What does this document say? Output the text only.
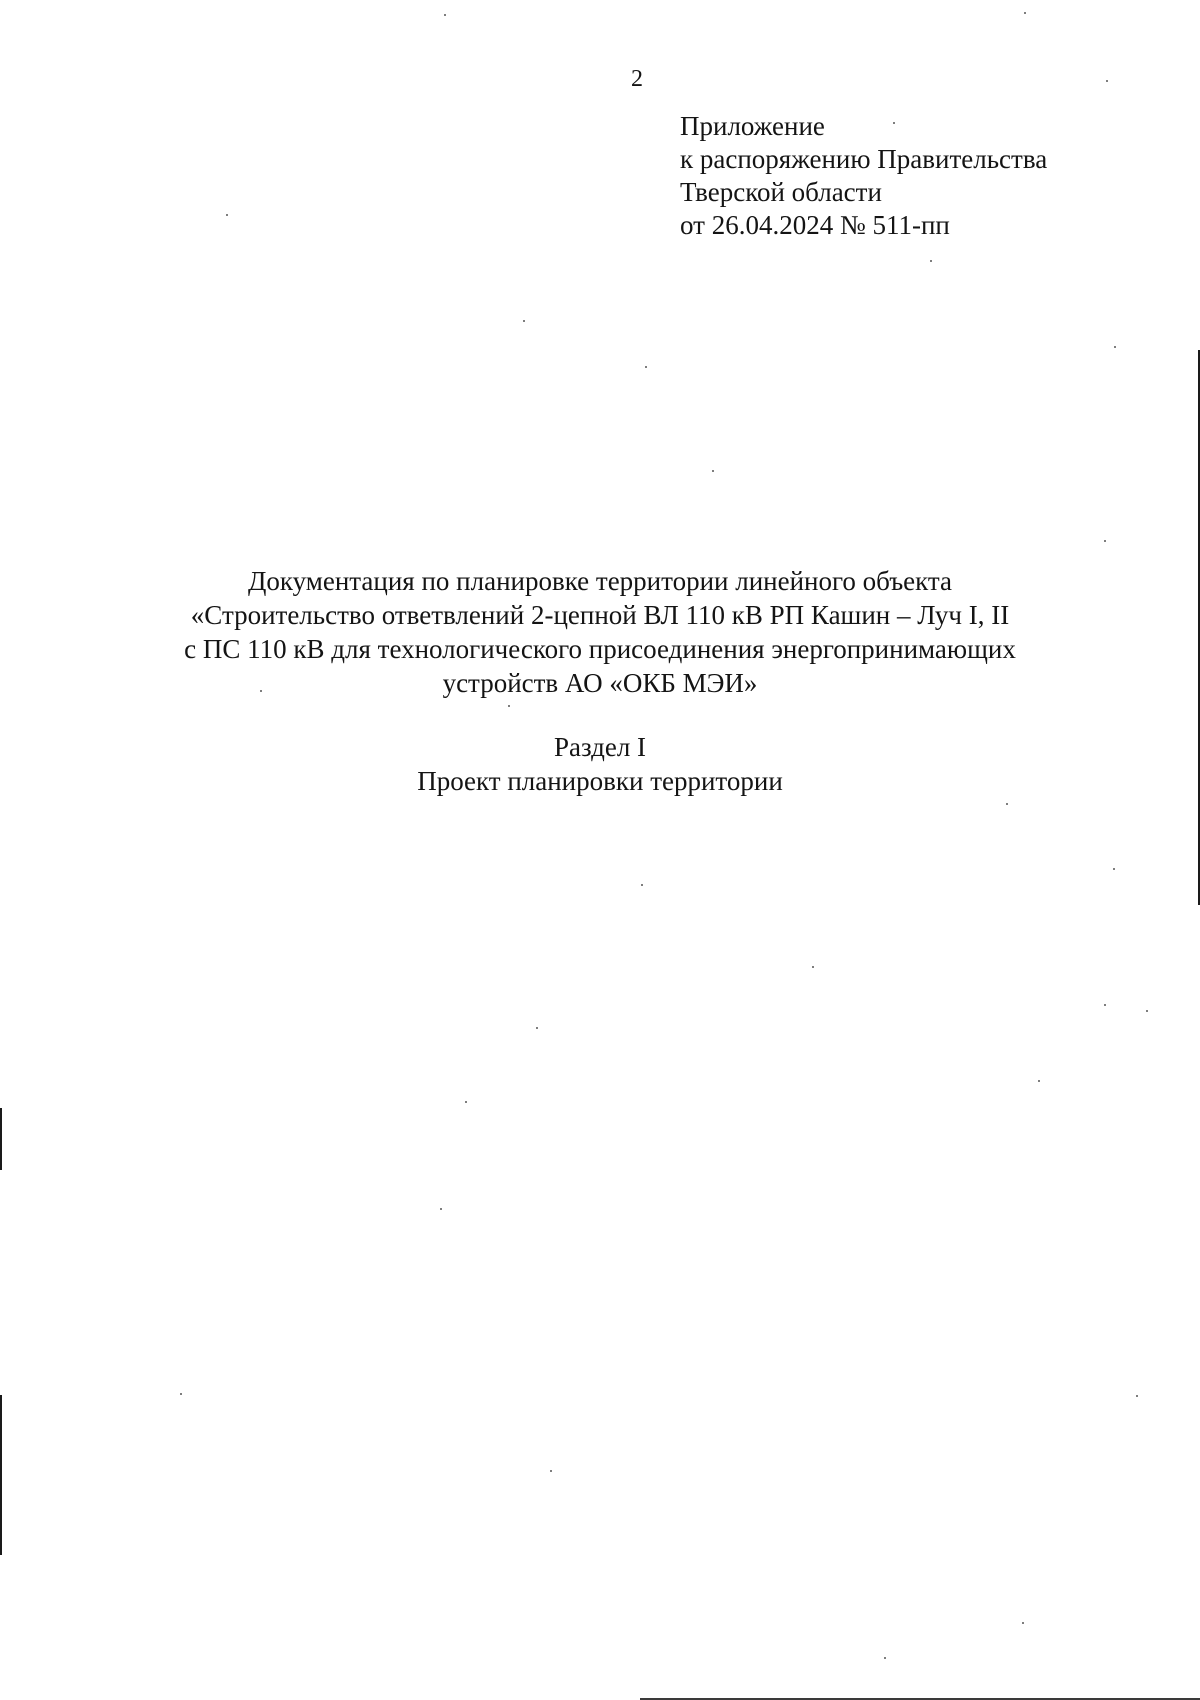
2
Приложение
к распоряжению Правительства
Тверской области
от 26.04.2024 № 511-пп
Документация по планировке территории линейного объекта
«Строительство ответвлений 2-цепной ВЛ 110 кВ РП Кашин – Луч I, II
с ПС 110 кВ для технологического присоединения энергопринимающих
устройств АО «ОКБ МЭИ»
Раздел I
Проект планировки территории
